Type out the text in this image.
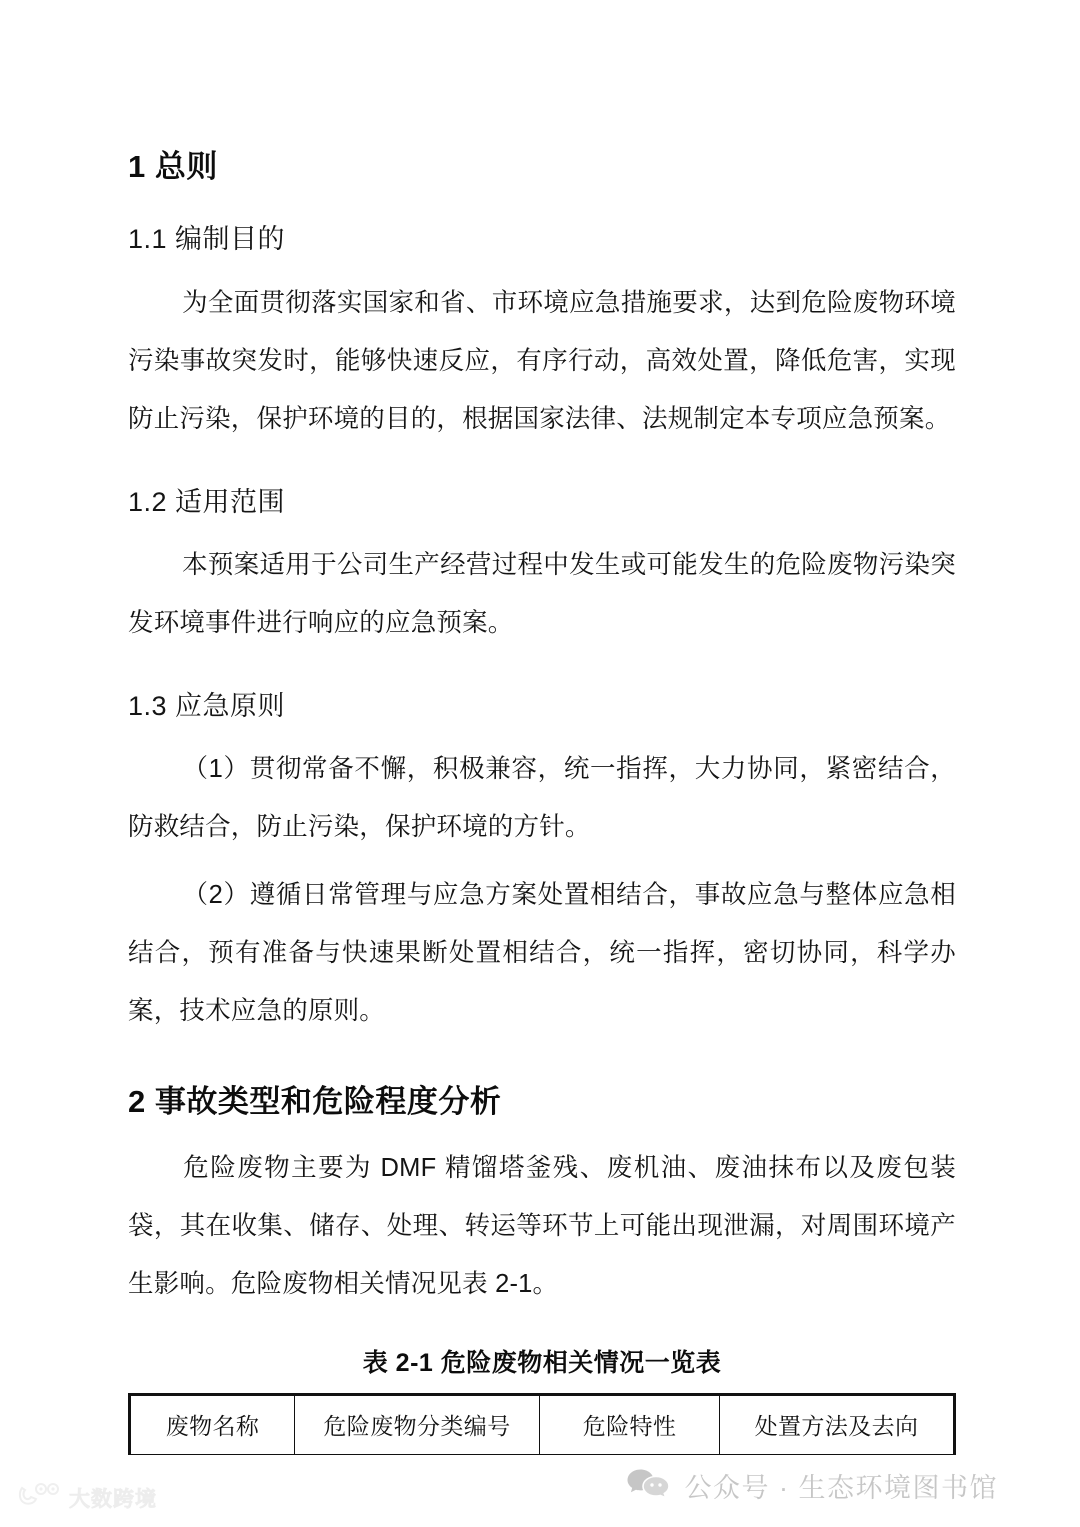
1 总则
1.1 编制目的

为全面贯彻落实国家和省、市环境应急措施要求，达到危险废物环境污染事故突发时，能够快速反应，有序行动，高效处置，降低危害，实现防止污染，保护环境的目的，根据国家法律、法规制定本专项应急预案。

1.2 适用范围

本预案适用于公司生产经营过程中发生或可能发生的危险废物污染突发环境事件进行响应的应急预案。

1.3 应急原则

（1）贯彻常备不懈，积极兼容，统一指挥，大力协同，紧密结合，防救结合，防止污染，保护环境的方针。

（2）遵循日常管理与应急方案处置相结合，事故应急与整体应急相结合，预有准备与快速果断处置相结合，统一指挥，密切协同，科学办案，技术应急的原则。

2 事故类型和危险程度分析

危险废物主要为 DMF 精馏塔釜残、废机油、废油抹布以及废包装袋，其在收集、储存、处理、转运等环节上可能出现泄漏，对周围环境产生影响。危险废物相关情况见表 2-1。

表 2-1 危险废物相关情况一览表
废物名称	危险废物分类编号	危险特性	处置方法及去向
大数跨境	公众号 · 生态环境图书馆
